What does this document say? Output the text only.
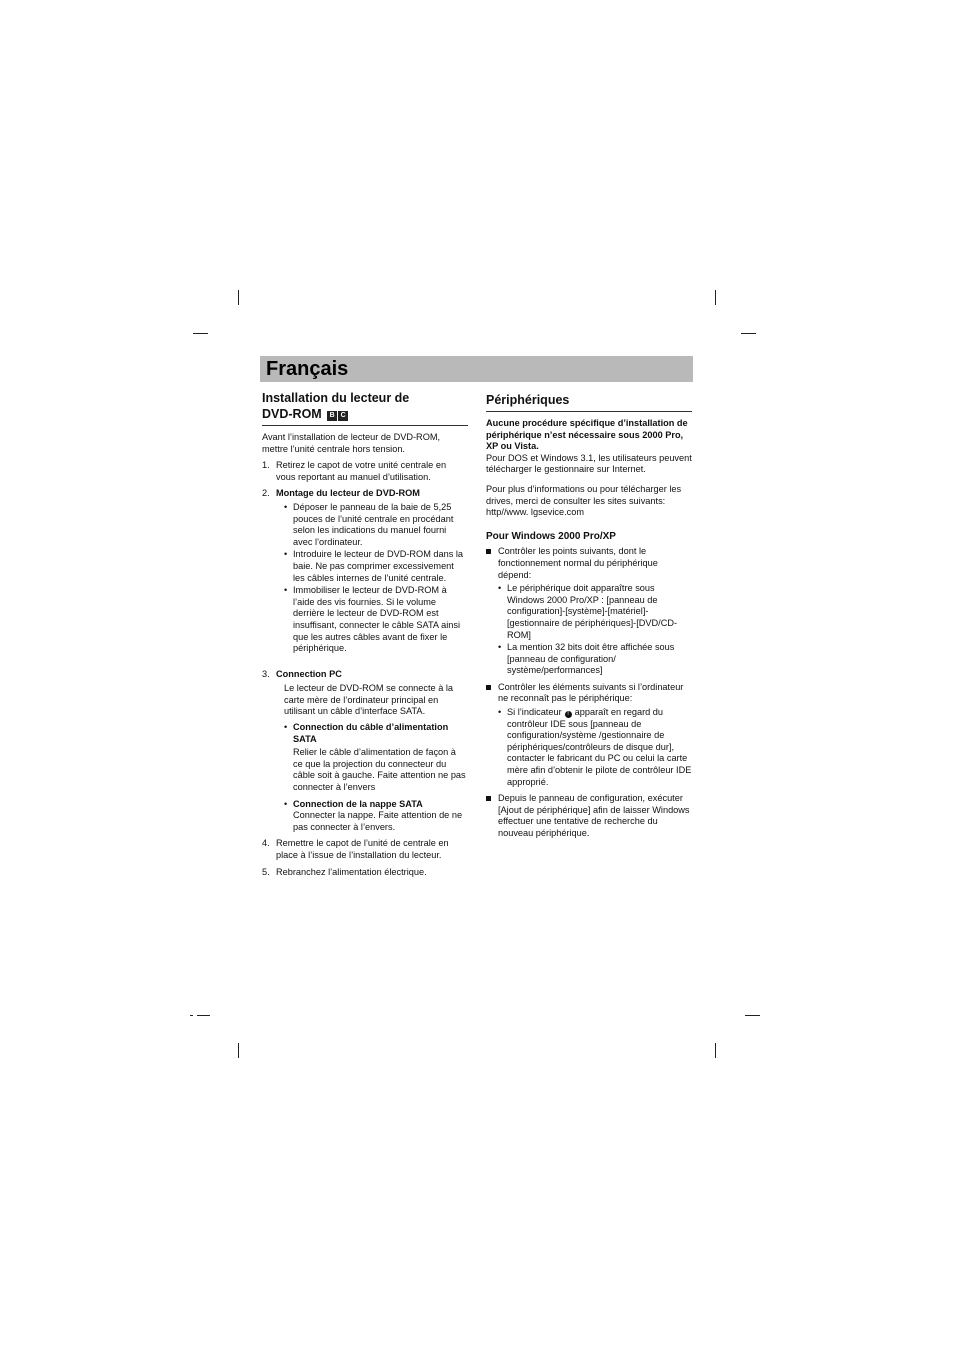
Français
Installation du lecteur de
DVD-ROM B C

Avant l’installation de lecteur de DVD-ROM, mettre l’unité centrale hors tension.

1. Retirez le capot de votre unité centrale en vous reportant au manuel d’utilisation.
2. Montage du lecteur de DVD-ROM
• Déposer le panneau de la baie de 5,25 pouces de l’unité centrale en procédant selon les indications du manuel fourni avec l’ordinateur.
• Introduire le lecteur de DVD-ROM dans la baie. Ne pas comprimer excessivement les câbles internes de l’unité centrale.
• Immobiliser le lecteur de DVD-ROM à l’aide des vis fournies. Si le volume derrière le lecteur de DVD-ROM est insuffisant, connecter le câble SATA ainsi que les autres câbles avant de fixer le périphérique.
3. Connection PC
Le lecteur de DVD-ROM se connecte à la carte mère de l’ordinateur principal en utilisant un câble d’interface SATA.
• Connection du câble d’alimentation SATA
Relier le câble d’alimentation de façon à ce que la projection du connecteur du câble soit à gauche. Faite attention ne pas connecter à l’envers
• Connection de la nappe SATA
Connecter la nappe. Faite attention de ne pas connecter à l’envers.
4. Remettre le capot de l’unité de centrale en place à l’issue de l’installation du lecteur.
5. Rebranchez l’alimentation électrique.
Périphériques

Aucune procédure spécifique d’installation de périphérique n’est nécessaire sous 2000 Pro, XP ou Vista.

Pour DOS et Windows 3.1, les utilisateurs peuvent télécharger le gestionnaire sur Internet.

Pour plus d’informations ou pour télécharger les drives, merci de consulter les sites suivants: http//www. lgsevice.com

Pour Windows 2000 Pro/XP
Contrôler les points suivants, dont le fonctionnement normal du périphérique dépend:
• Le périphérique doit apparaître sous Windows 2000 Pro/XP : [panneau de configuration]-[système]-[matériel]-[gestionnaire de périphériques]-[DVD/CD-ROM]
• La mention 32 bits doit être affichée sous [panneau de configuration/ système/performances]
Contrôler les éléments suivants si l’ordinateur ne reconnaît pas le périphérique:
• Si l’indicateur ! apparaît en regard du contrôleur IDE sous [panneau de configuration/système /gestionnaire de périphériques/contrôleurs de disque dur], contacter le fabricant du PC ou celui la carte mère afin d’obtenir le pilote de contrôleur IDE approprié.
Depuis le panneau de configuration, exécuter [Ajout de périphérique] afin de laisser Windows effectuer une tentative de recherche du nouveau périphérique.
